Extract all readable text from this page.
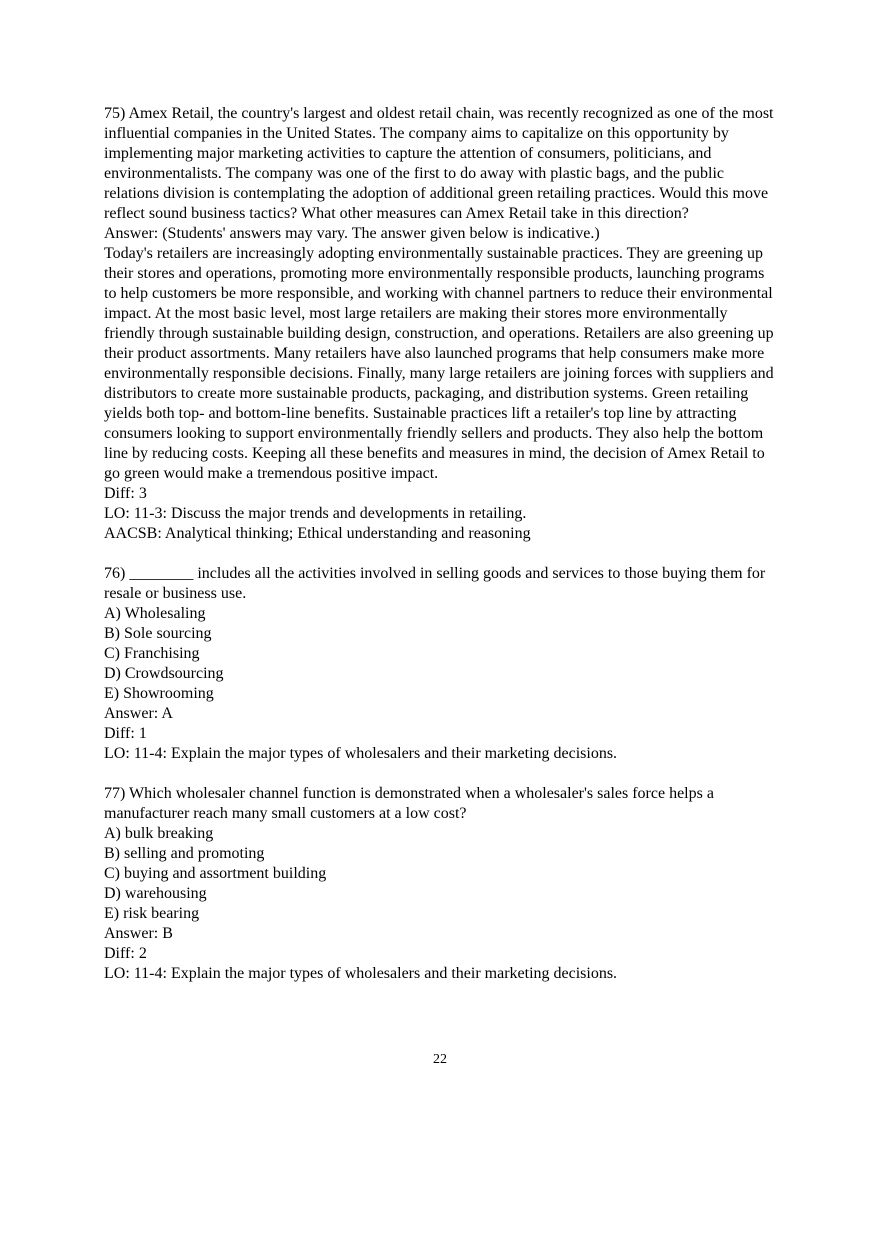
75) Amex Retail, the country's largest and oldest retail chain, was recently recognized as one of the most influential companies in the United States. The company aims to capitalize on this opportunity by implementing major marketing activities to capture the attention of consumers, politicians, and environmentalists. The company was one of the first to do away with plastic bags, and the public relations division is contemplating the adoption of additional green retailing practices. Would this move reflect sound business tactics? What other measures can Amex Retail take in this direction?

Answer: (Students' answers may vary. The answer given below is indicative.)

Today's retailers are increasingly adopting environmentally sustainable practices. They are greening up their stores and operations, promoting more environmentally responsible products, launching programs to help customers be more responsible, and working with channel partners to reduce their environmental impact. At the most basic level, most large retailers are making their stores more environmentally friendly through sustainable building design, construction, and operations. Retailers are also greening up their product assortments. Many retailers have also launched programs that help consumers make more environmentally responsible decisions. Finally, many large retailers are joining forces with suppliers and distributors to create more sustainable products, packaging, and distribution systems. Green retailing yields both top- and bottom-line benefits. Sustainable practices lift a retailer's top line by attracting consumers looking to support environmentally friendly sellers and products. They also help the bottom line by reducing costs. Keeping all these benefits and measures in mind, the decision of Amex Retail to go green would make a tremendous positive impact.

Diff: 3

LO: 11-3: Discuss the major trends and developments in retailing.

AACSB: Analytical thinking; Ethical understanding and reasoning

76) ________ includes all the activities involved in selling goods and services to those buying them for resale or business use.

A) Wholesaling
B) Sole sourcing
C) Franchising
D) Crowdsourcing
E) Showrooming

Answer: A

Diff: 1

LO: 11-4: Explain the major types of wholesalers and their marketing decisions.

77) Which wholesaler channel function is demonstrated when a wholesaler's sales force helps a manufacturer reach many small customers at a low cost?

A) bulk breaking
B) selling and promoting
C) buying and assortment building
D) warehousing
E) risk bearing

Answer: B

Diff: 2

LO: 11-4: Explain the major types of wholesalers and their marketing decisions.

22
